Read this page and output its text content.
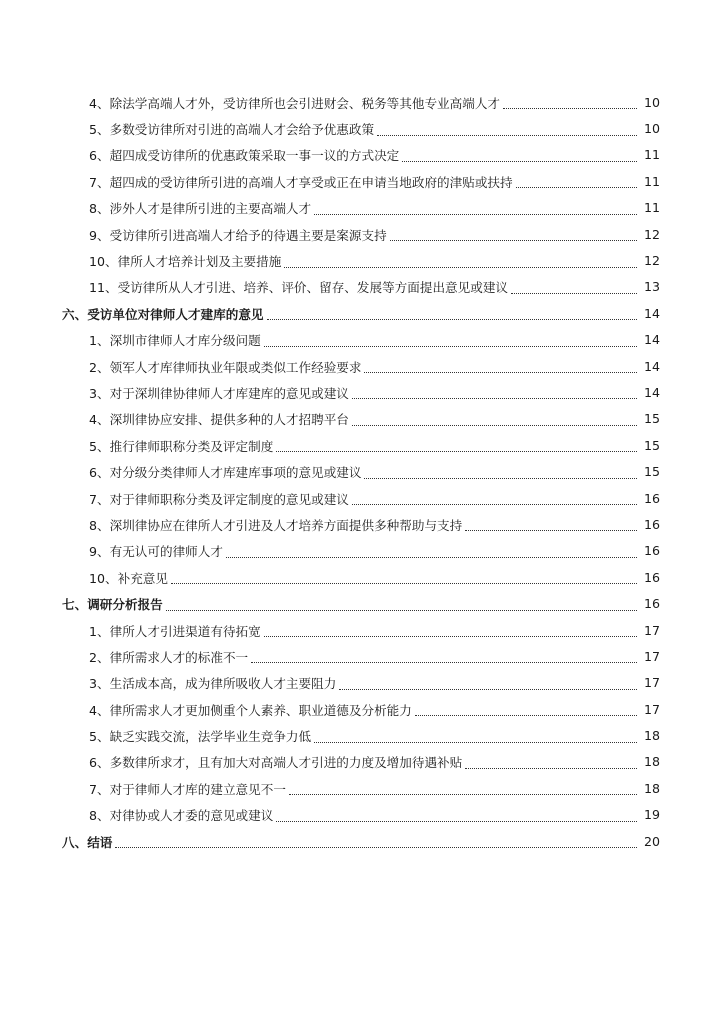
4、除法学高端人才外，受访律所也会引进财会、税务等其他专业高端人才	10
5、多数受访律所对引进的高端人才会给予优惠政策	10
6、超四成受访律所的优惠政策采取一事一议的方式决定	11
7、超四成的受访律所引进的高端人才享受或正在申请当地政府的津贴或扶持	11
8、涉外人才是律所引进的主要高端人才	11
9、受访律所引进高端人才给予的待遇主要是案源支持	12
10、律所人才培养计划及主要措施	12
11、受访律所从人才引进、培养、评价、留存、发展等方面提出意见或建议	13
六、受访单位对律师人才建库的意见	14
1、深圳市律师人才库分级问题	14
2、领军人才库律师执业年限或类似工作经验要求	14
3、对于深圳律协律师人才库建库的意见或建议	14
4、深圳律协应安排、提供多种的人才招聘平台	15
5、推行律师职称分类及评定制度	15
6、对分级分类律师人才库建库事项的意见或建议	15
7、对于律师职称分类及评定制度的意见或建议	16
8、深圳律协应在律所人才引进及人才培养方面提供多种帮助与支持	16
9、有无认可的律师人才	16
10、补充意见	16
七、调研分析报告	16
1、律所人才引进渠道有待拓宽	17
2、律所需求人才的标准不一	17
3、生活成本高，成为律所吸收人才主要阻力	17
4、律所需求人才更加侧重个人素养、职业道德及分析能力	17
5、缺乏实践交流，法学毕业生竞争力低	18
6、多数律所求才，且有加大对高端人才引进的力度及增加待遇补贴	18
7、对于律师人才库的建立意见不一	18
8、对律协或人才委的意见或建议	19
八、结语	20
